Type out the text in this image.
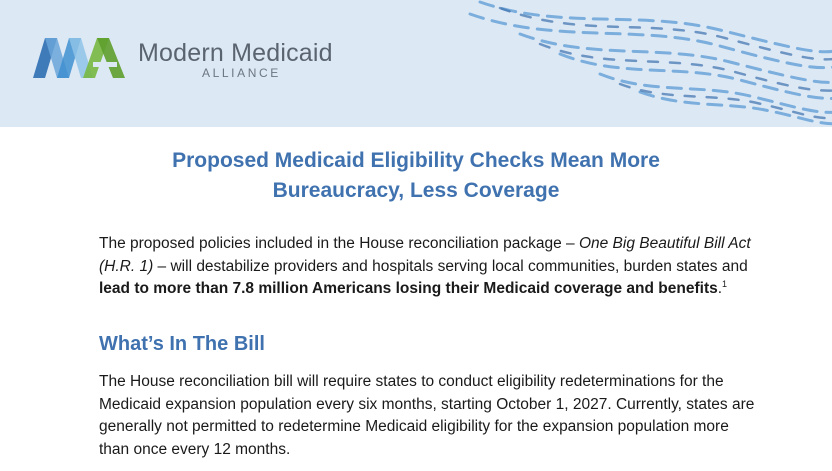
Modern Medicaid
ALLIANCE
Proposed Medicaid Eligibility Checks Mean More
Bureaucracy, Less Coverage

The proposed policies included in the House reconciliation package – One Big Beautiful Bill Act (H.R. 1) – will destabilize providers and hospitals serving local communities, burden states and lead to more than 7.8 million Americans losing their Medicaid coverage and benefits.$^1$

What’s In The Bill

The House reconciliation bill will require states to conduct eligibility redeterminations for the Medicaid expansion population every six months, starting October 1, 2027. Currently, states are generally not permitted to redetermine Medicaid eligibility for the expansion population more than once every 12 months.
